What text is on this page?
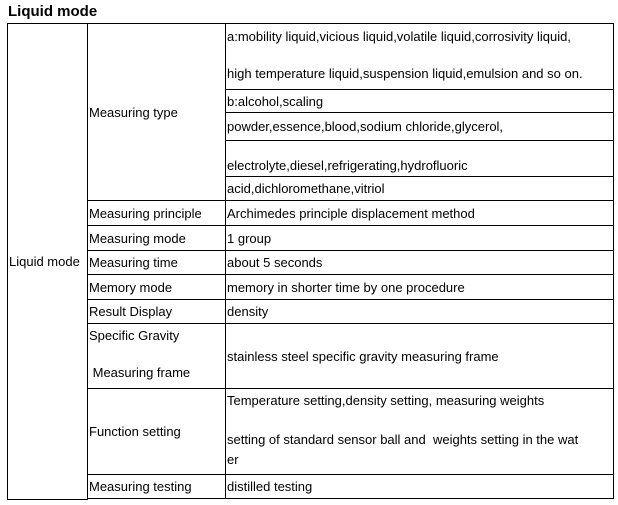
Liquid mode
Liquid mode	Measuring type	a:mobility liquid,vicious liquid,volatile liquid,corrosivity liquid,
high temperature liquid,suspension liquid,emulsion and so on.

		b:alcohol,scaling
		powder,essence,blood,sodium chloride,glycerol,
		electrolyte,diesel,refrigerating,hydrofluoric
		acid,dichloromethane,vitriol
	Measuring principle	Archimedes principle displacement method
	Measuring mode	1 group
	Measuring time	about 5 seconds
	Memory mode	memory in shorter time by one procedure
	Result Display	density

	Specific Gravity
Measuring frame	stainless steel specific gravity measuring frame
	Function setting	Temperature setting,density setting, measuring weights
setting of standard sensor ball and  weights setting in the wat
er

	Measuring testing	distilled testing
